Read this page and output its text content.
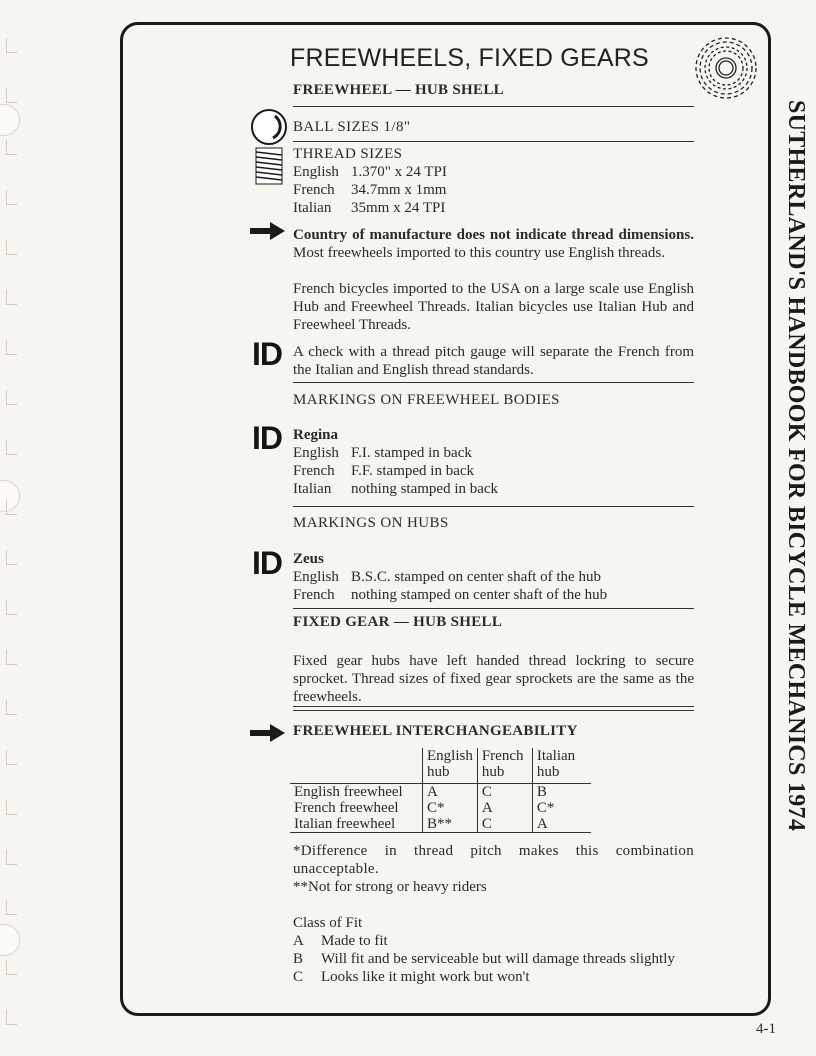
FREEWHEELS, FIXED GEARS
SUTHERLAND'S HANDBOOK FOR BICYCLE MECHANICS 1974
FREEWHEEL — HUB SHELL
BALL SIZES 1/8"
THREAD SIZES
English 1.370" x 24 TPI
French 34.7mm x 1mm
Italian 35mm x 24 TPI
Country of manufacture does not indicate thread dimensions. Most freewheels imported to this country use English threads.
French bicycles imported to the USA on a large scale use English Hub and Freewheel Threads. Italian bicycles use Italian Hub and Freewheel Threads.
ID A check with a thread pitch gauge will separate the French from the Italian and English thread standards.
MARKINGS ON FREEWHEEL BODIES
ID Regina
English F.I. stamped in back
French F.F. stamped in back
Italian nothing stamped in back
MARKINGS ON HUBS
ID Zeus
English B.S.C. stamped on center shaft of the hub
French nothing stamped on center shaft of the hub
FIXED GEAR — HUB SHELL
Fixed gear hubs have left handed thread lockring to secure sprocket. Thread sizes of fixed gear sprockets are the same as the freewheels.
FREEWHEEL INTERCHANGEABILITY
	English hub	French hub	Italian hub
English freewheel	A	C	B
French freewheel	C*	A	C*
Italian freewheel	B**	C	A
*Difference in thread pitch makes this combination unacceptable.
**Not for strong or heavy riders
Class of Fit
A	Made to fit
B	Will fit and be serviceable but will damage threads slightly
C	Looks like it might work but won't
4-1
